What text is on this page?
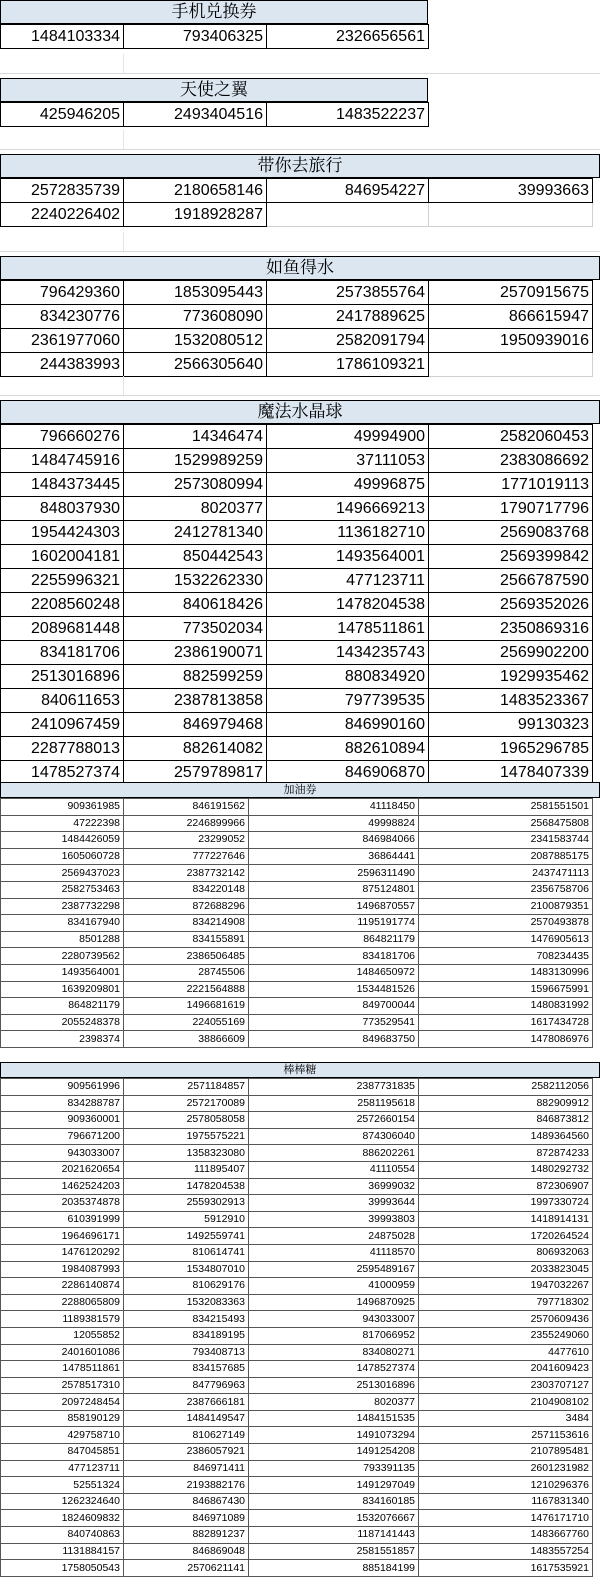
手机兑换券
1484103334	793406325	2326656561
天使之翼
425946205	2493404516	1483522237
带你去旅行
2572835739	2180658146	846954227	39993663
2240226402	1918928287		
如鱼得水
796429360	1853095443	2573855764	2570915675
834230776	773608090	2417889625	866615947
2361977060	1532080512	2582091794	1950939016
244383993	2566305640	1786109321	
魔法水晶球
796660276	14346474	49994900	2582060453
1484745916	1529989259	37111053	2383086692
1484373445	2573080994	49996875	1771019113
848037930	8020377	1496669213	1790717796
1954424303	2412781340	1136182710	2569083768
1602004181	850442543	1493564001	2569399842
2255996321	1532262330	477123711	2566787590
2208560248	840618426	1478204538	2569352026
2089681448	773502034	1478511861	2350869316
834181706	2386190071	1434235743	2569902200
2513016896	882599259	880834920	1929935462
840611653	2387813858	797739535	1483523367
2410967459	846979468	846990160	99130323
2287788013	882614082	882610894	1965296785
1478527374	2579789817	846906870	1478407339
加油券
909361985	846191562	41118450	2581551501
47222398	2246899966	49998824	2568475808
1484426059	23299052	846984066	2341583744
1605060728	777227646	36864441	2087885175
2569437023	2387732142	2596311490	2437471113
2582753463	834220148	875124801	2356758706
2387732298	872688296	1496870557	2100879351
834167940	834214908	1195191774	2570493878
8501288	834155891	864821179	1476905613
2280739562	2386506485	834181706	708234435
1493564001	28745506	1484650972	1483130996
1639209801	2221564888	1534481526	1596675991
864821179	1496681619	849700044	1480831992
2055248378	224055169	773529541	1617434728
2398374	38866609	849683750	1478086976
棒棒糖
909561996	2571184857	2387731835	2582112056
834288787	2572170089	2581195618	882909912
909360001	2578058058	2572660154	846873812
796671200	1975575221	874306040	1489364560
943033007	1358323080	886202261	872874233
2021620654	111895407	41110554	1480292732
1462524203	1478204538	36999032	872306907
2035374878	2559302913	39993644	1997330724
610391999	5912910	39993803	1418914131
1964696171	1492559741	24875028	1720264524
1476120292	810614741	41118570	806932063
1984087993	1534807010	2595489167	2033823045
2286140874	810629176	41000959	1947032267
2288065809	1532083363	1496870925	797718302
1189381579	834215493	943033007	2570609436
12055852	834189195	817066952	2355249060
2401601086	793408713	834080271	4477610
1478511861	834157685	1478527374	2041609423
2578517310	847796963	2513016896	2303707127
2097248454	2387666181	8020377	2104908102
858190129	1484149547	1484151535	3484
429758710	810627149	1491073294	2571153616
847045851	2386057921	1491254208	2107895481
477123711	846971411	793391135	2601231982
52551324	2193882176	1491297049	1210296376
1262324640	846867430	834160185	1167831340
1824609832	846971089	1532076667	1476171710
840740863	882891237	1187141443	1483667760
1131884157	846869048	2581551857	1483557254
1758050543	2570621141	885184199	1617535921
